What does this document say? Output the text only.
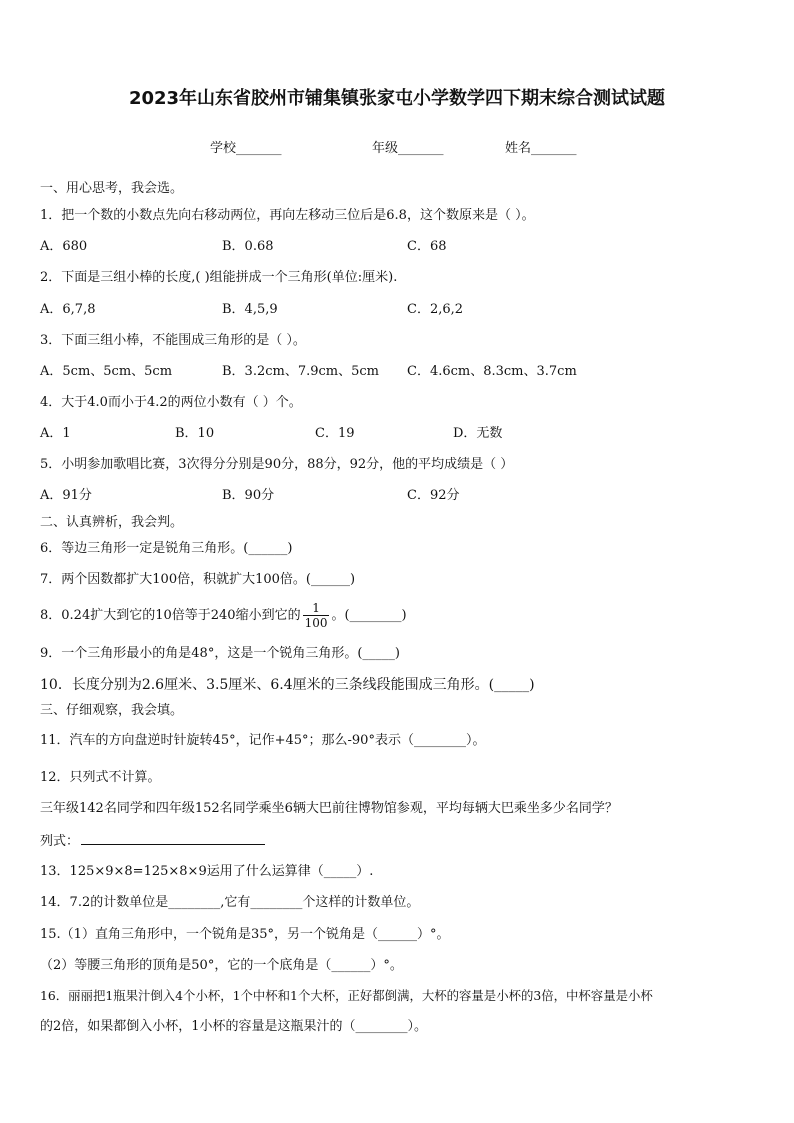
2023年山东省胶州市铺集镇张家屯小学数学四下期末综合测试试题
学校_______	年级_______	姓名_______
一、用心思考，我会选。
1．把一个数的小数点先向右移动两位，再向左移动三位后是6.8，这个数原来是（ ）。
A．680	B．0.68	C．68
2．下面是三组小棒的长度,( )组能拼成一个三角形(单位:厘米).
A．6,7,8	B．4,5,9	C．2,6,2
3．下面三组小棒，不能围成三角形的是（ ）。
A．5cm、5cm、5cm	B．3.2cm、7.9cm、5cm C．4.6cm、8.3cm、3.7cm
4．大于4.0而小于4.2的两位小数有（ ）个。
A．1	B．10	C．19	D．无数
5．小明参加歌唱比赛，3次得分分别是90分，88分，92分，他的平均成绩是（ ）
A．91分	B．90分	C．92分
二、认真辨析，我会判。
6．等边三角形一定是锐角三角形。(______)
7．两个因数都扩大100倍，积就扩大100倍。(______)
8．0.24扩大到它的10倍等于240缩小到它的 $\frac{1}{100}$ 。(________)
9．一个三角形最小的角是48°，这是一个锐角三角形。(_____)
10．长度分别为2.6厘米、3.5厘米、6.4厘米的三条线段能围成三角形。(_____)
三、仔细观察，我会填。
11．汽车的方向盘逆时针旋转45°，记作+45°；那么-90°表示（________）。
12．只列式不计算。
三年级142名同学和四年级152名同学乘坐6辆大巴前往博物馆参观，平均每辆大巴乘坐多少名同学？
列式：
13．125×9×8=125×8×9运用了什么运算律（_____）.
14．7.2的计数单位是________,它有________个这样的计数单位。
15.（1）直角三角形中，一个锐角是35°，另一个锐角是（______）°。
（2）等腰三角形的顶角是50°，它的一个底角是（______）°。
16．丽丽把1瓶果汁倒入4个小杯，1个中杯和1个大杯，正好都倒满，大杯的容量是小杯的3倍，中杯容量是小杯
的2倍，如果都倒入小杯，1小杯的容量是这瓶果汁的（________）。
